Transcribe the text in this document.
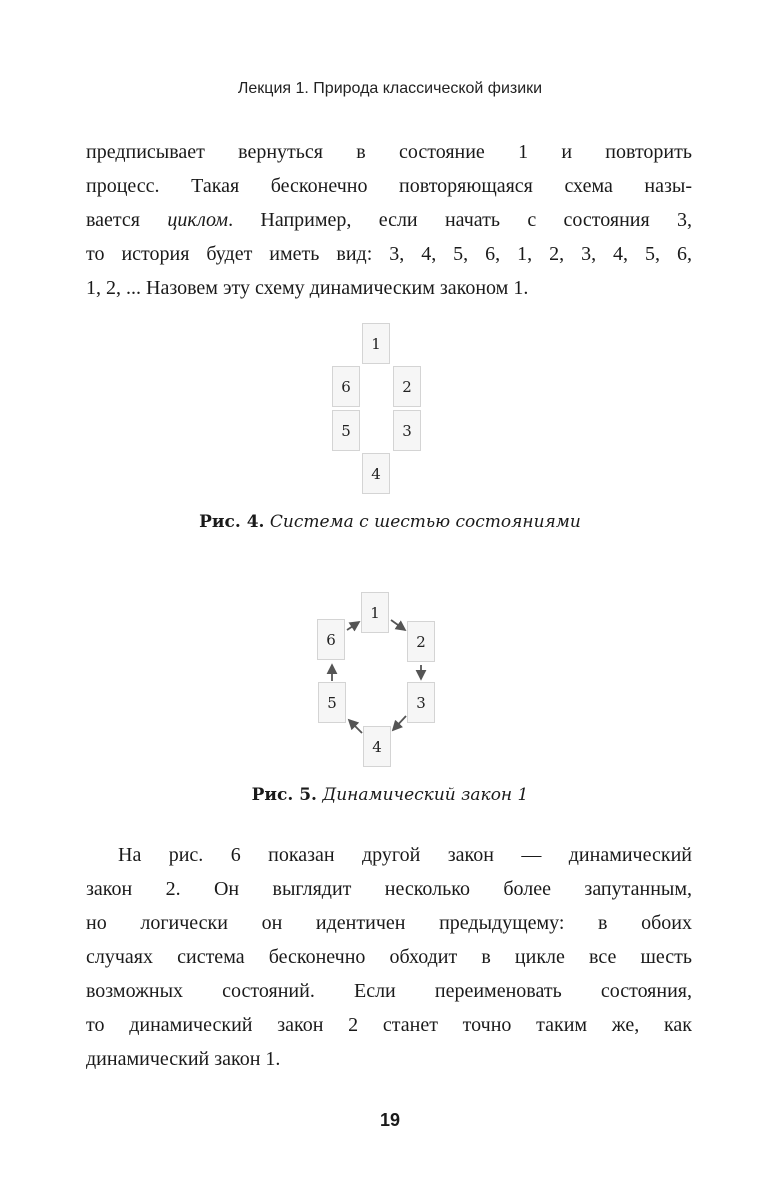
Лекция 1. Природа классической физики
предписывает вернуться в состояние 1 и повторить
процесс. Такая бесконечно повторяющаяся схема назы-
вается циклом. Например, если начать с состояния 3,
то история будет иметь вид: 3, 4, 5, 6, 1, 2, 3, 4, 5, 6,
1, 2, ... Назовем эту схему динамическим законом 1.
1
2
3
4
5
6
Рис. 4. Система с шестью состояниями
1
2
3
4
5
6
Рис. 5. Динамический закон 1
На рис. 6 показан другой закон — динамический
закон 2. Он выглядит несколько более запутанным,
но логически он идентичен предыдущему: в обоих
случаях система бесконечно обходит в цикле все шесть
возможных состояний. Если переименовать состояния,
то динамический закон 2 станет точно таким же, как
динамический закон 1.
19
